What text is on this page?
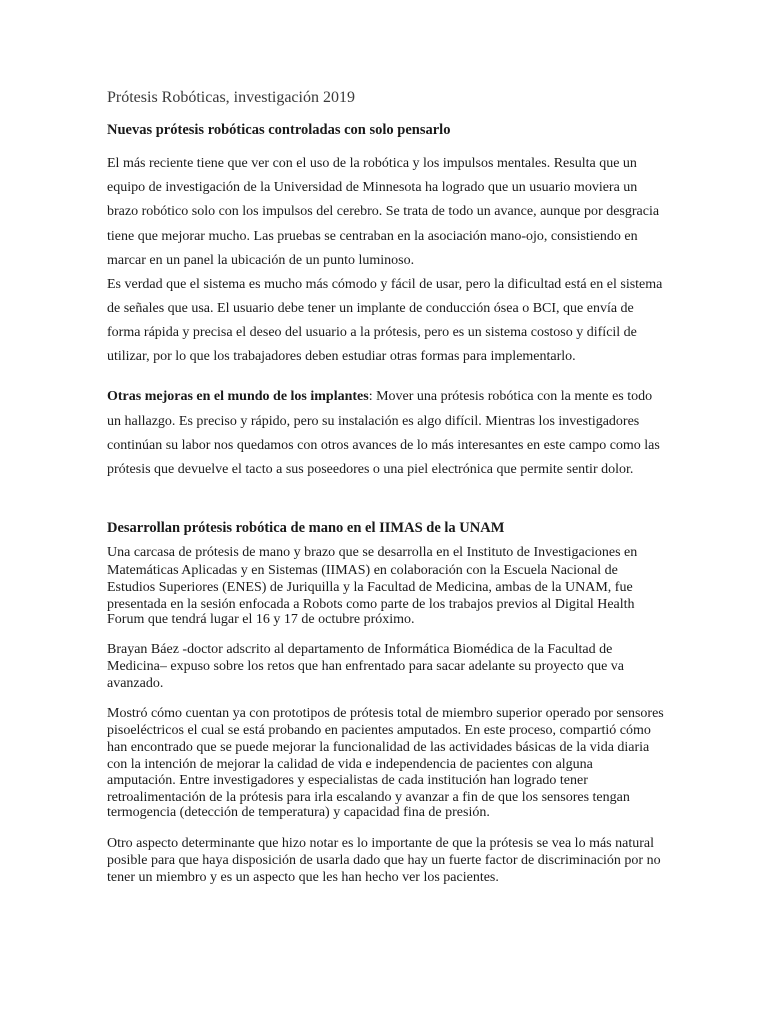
Prótesis Robóticas, investigación 2019

Nuevas prótesis robóticas controladas con solo pensarlo

El más reciente tiene que ver con el uso de la robótica y los impulsos mentales. Resulta que un

equipo de investigación de la Universidad de Minnesota ha logrado que un usuario moviera un

brazo robótico solo con los impulsos del cerebro. Se trata de todo un avance, aunque por desgracia

tiene que mejorar mucho. Las pruebas se centraban en la asociación mano-ojo, consistiendo en

marcar en un panel la ubicación de un punto luminoso.

Es verdad que el sistema es mucho más cómodo y fácil de usar, pero la dificultad está en el sistema

de señales que usa. El usuario debe tener un implante de conducción ósea o BCI, que envía de

forma rápida y precisa el deseo del usuario a la prótesis, pero es un sistema costoso y difícil de

utilizar, por lo que los trabajadores deben estudiar otras formas para implementarlo.

Otras mejoras en el mundo de los implantes: Mover una prótesis robótica con la mente es todo

un hallazgo. Es preciso y rápido, pero su instalación es algo difícil. Mientras los investigadores

continúan su labor nos quedamos con otros avances de lo más interesantes en este campo como las

prótesis que devuelve el tacto a sus poseedores o una piel electrónica que permite sentir dolor.

Desarrollan prótesis robótica de mano en el IIMAS de la UNAM

Una carcasa de prótesis de mano y brazo que se desarrolla en el Instituto de Investigaciones en

Matemáticas Aplicadas y en Sistemas (IIMAS) en colaboración con la Escuela Nacional de

Estudios Superiores (ENES) de Juriquilla y la Facultad de Medicina, ambas de la UNAM, fue

presentada en la sesión enfocada a Robots como parte de los trabajos previos al Digital Health

Forum que tendrá lugar el 16 y 17 de octubre próximo.

Brayan Báez -doctor adscrito al departamento de Informática Biomédica de la Facultad de

Medicina– expuso sobre los retos que han enfrentado para sacar adelante su proyecto que va

avanzado.

Mostró cómo cuentan ya con prototipos de prótesis total de miembro superior operado por sensores

pisoeléctricos el cual se está probando en pacientes amputados. En este proceso, compartió cómo

han encontrado que se puede mejorar la funcionalidad de las actividades básicas de la vida diaria

con la intención de mejorar la calidad de vida e independencia de pacientes con alguna

amputación. Entre investigadores y especialistas de cada institución han logrado tener

retroalimentación de la prótesis para irla escalando y avanzar a fin de que los sensores tengan

termogencia (detección de temperatura) y capacidad fina de presión.

Otro aspecto determinante que hizo notar es lo importante de que la prótesis se vea lo más natural

posible para que haya disposición de usarla dado que hay un fuerte factor de discriminación por no

tener un miembro y es un aspecto que les han hecho ver los pacientes.
